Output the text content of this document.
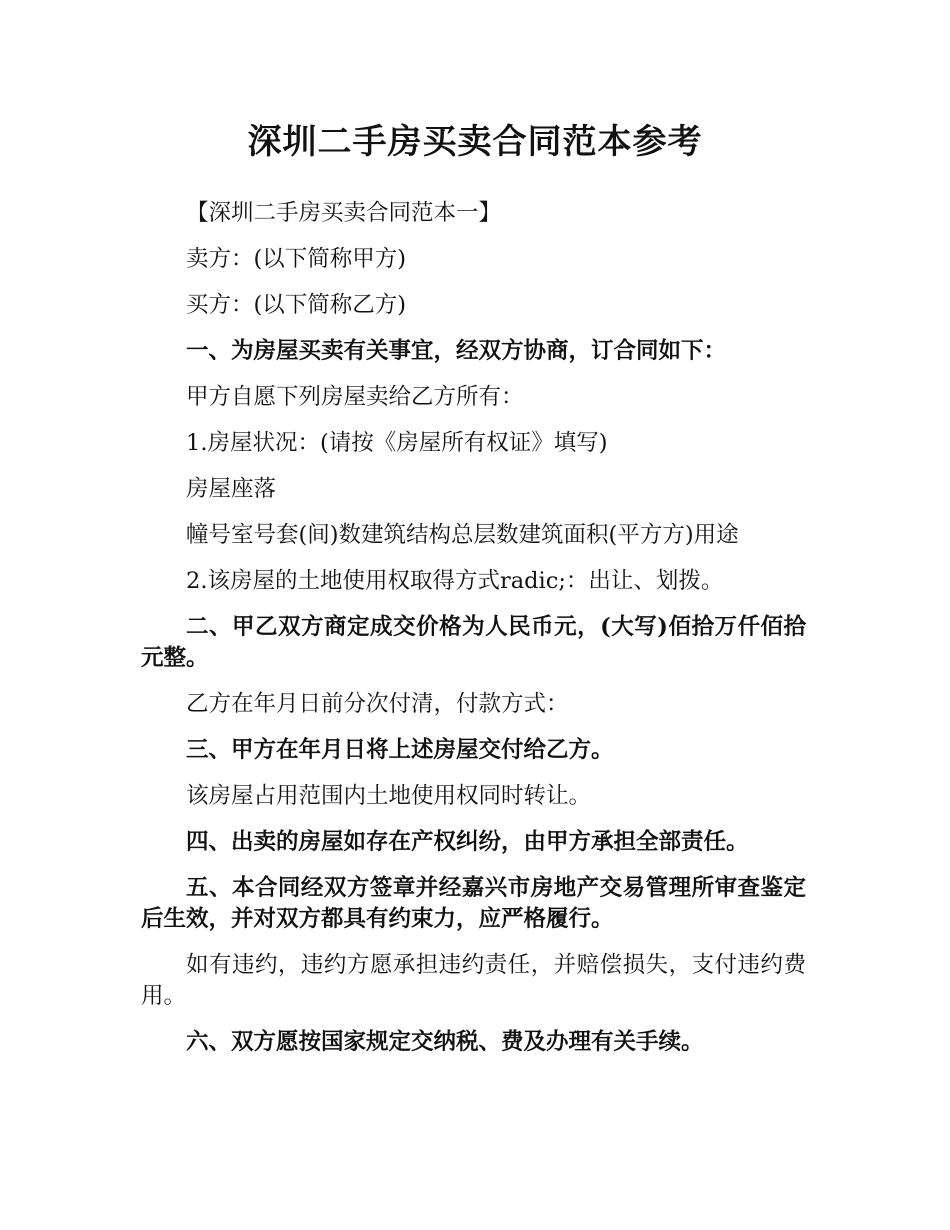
深圳二手房买卖合同范本参考

【深圳二手房买卖合同范本一】

卖方：(以下简称甲方)

买方：(以下简称乙方)

一、为房屋买卖有关事宜，经双方协商，订合同如下：

甲方自愿下列房屋卖给乙方所有：

1.房屋状况：(请按《房屋所有权证》填写)

房屋座落

幢号室号套(间)数建筑结构总层数建筑面积(平方方)用途

2.该房屋的土地使用权取得方式radic;：出让、划拨。

二、甲乙双方商定成交价格为人民币元，(大写)佰拾万仟佰拾元整。

乙方在年月日前分次付清，付款方式：

三、甲方在年月日将上述房屋交付给乙方。

该房屋占用范围内土地使用权同时转让。

四、出卖的房屋如存在产权纠纷，由甲方承担全部责任。

五、本合同经双方签章并经嘉兴市房地产交易管理所审查鉴定后生效，并对双方都具有约束力，应严格履行。

如有违约，违约方愿承担违约责任，并赔偿损失，支付违约费用。

六、双方愿按国家规定交纳税、费及办理有关手续。
